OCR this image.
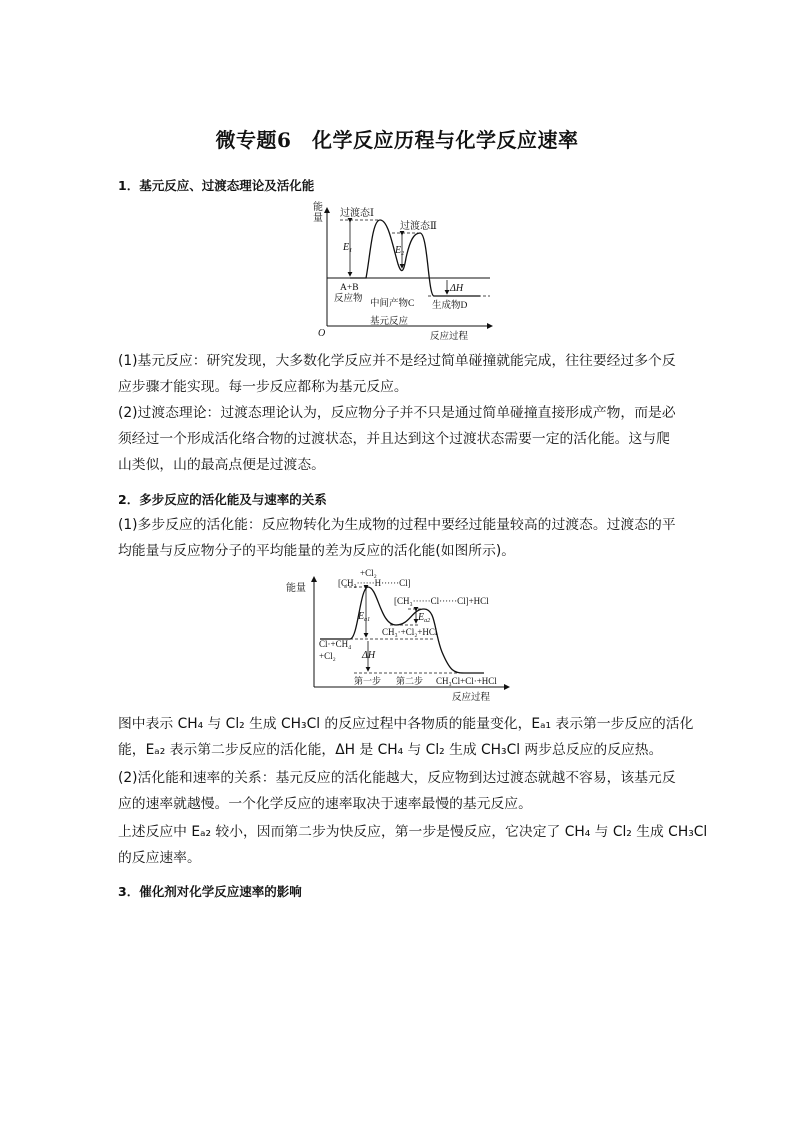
微专题6　化学反应历程与化学反应速率
1．基元反应、过渡态理论及活化能
能
量
O
$E_1$	$E_2$
ΔH
过渡态Ⅰ
过渡态Ⅱ
A+B
反应物 中间产物C 生成物D
基元反应
反应过程
(1)基元反应：研究发现，大多数化学反应并不是经过简单碰撞就能完成，往往要经过多个反
应步骤才能实现。每一步反应都称为基元反应。
(2)过渡态理论：过渡态理论认为，反应物分子并不只是通过简单碰撞直接形成产物，而是必
须经过一个形成活化络合物的过渡状态，并且达到这个过渡状态需要一定的活化能。这与爬
山类似，山的最高点便是过渡态。
2．多步反应的活化能及与速率的关系
(1)多步反应的活化能：反应物转化为生成物的过程中要经过能量较高的过渡态。过渡态的平
均能量与反应物分子的平均能量的差为反应的活化能(如图所示)。
能量
$E_{a1}$	$E_{a2}$
ΔH
+Cl₂
[CH₃······H······Cl]
[CH₃······Cl······Cl]+HCl
CH₃·+Cl₂+HCl
Cl·+CH₄
+Cl₂
第一步 第二步 CH₃Cl+Cl·+HCl
反应过程
图中表示 CH₄ 与 Cl₂ 生成 CH₃Cl 的反应过程中各物质的能量变化，Eₐ₁ 表示第一步反应的活化
能，Eₐ₂ 表示第二步反应的活化能，ΔH 是 CH₄ 与 Cl₂ 生成 CH₃Cl 两步总反应的反应热。
(2)活化能和速率的关系：基元反应的活化能越大，反应物到达过渡态就越不容易，该基元反
应的速率就越慢。一个化学反应的速率取决于速率最慢的基元反应。
上述反应中 Eₐ₂ 较小，因而第二步为快反应，第一步是慢反应，它决定了 CH₄ 与 Cl₂ 生成 CH₃Cl
的反应速率。
3．催化剂对化学反应速率的影响
